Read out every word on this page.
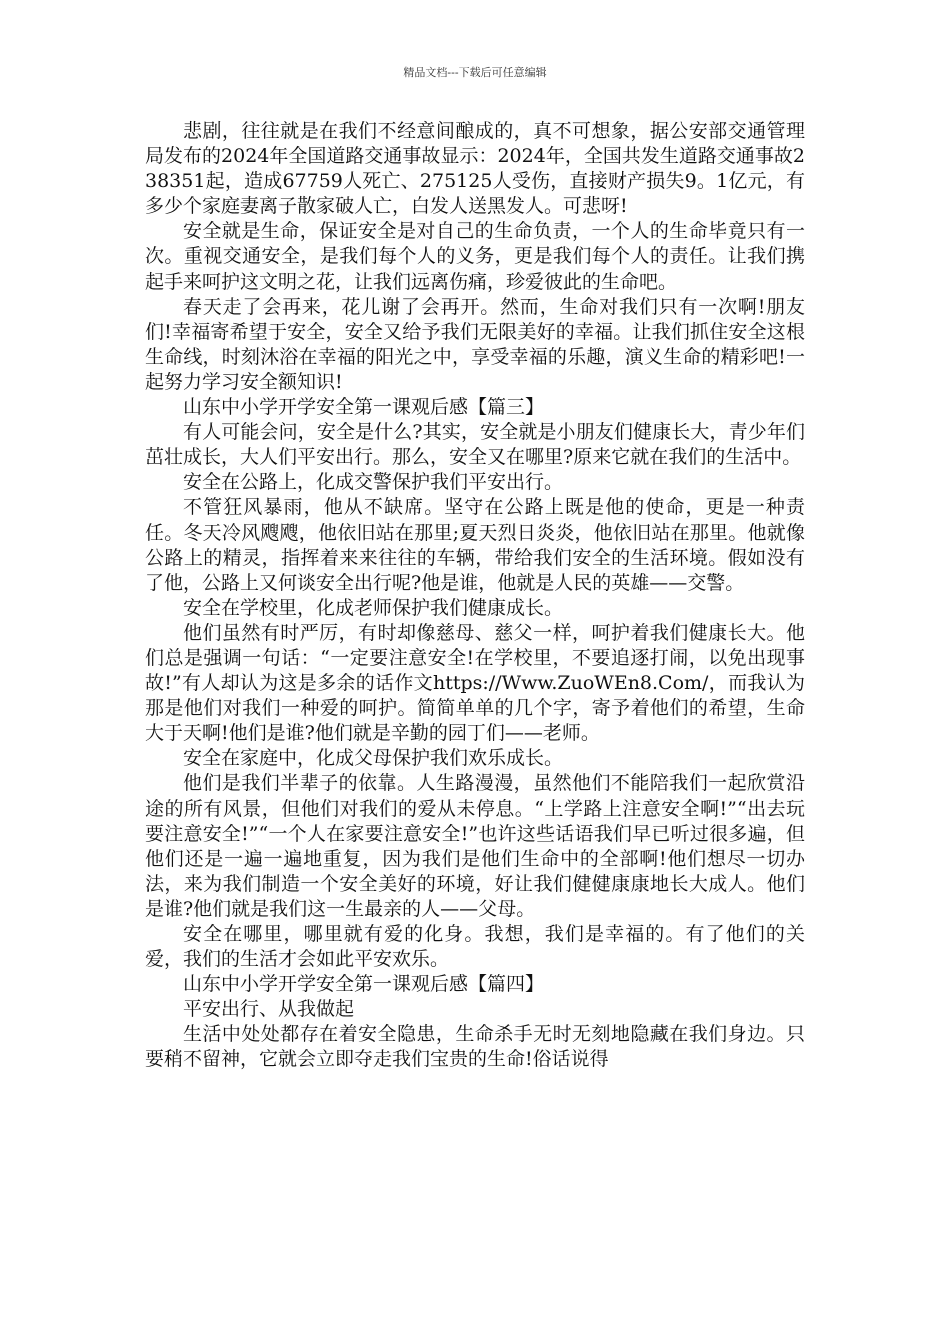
精品文档---下载后可任意编辑

悲剧，往往就是在我们不经意间酿成的，真不可想象，据公安部交通管理局发布的2024年全国道路交通事故显示：2024年，全国共发生道路交通事故238351起，造成67759人死亡、275125人受伤，直接财产损失9。1亿元，有多少个家庭妻离子散家破人亡，白发人送黑发人。可悲呀!

安全就是生命，保证安全是对自己的生命负责，一个人的生命毕竟只有一次。重视交通安全，是我们每个人的义务，更是我们每个人的责任。让我们携起手来呵护这文明之花，让我们远离伤痛，珍爱彼此的生命吧。

春天走了会再来，花儿谢了会再开。然而，生命对我们只有一次啊!朋友们!幸福寄希望于安全，安全又给予我们无限美好的幸福。让我们抓住安全这根生命线，时刻沐浴在幸福的阳光之中，享受幸福的乐趣，演义生命的精彩吧!一起努力学习安全额知识!

山东中小学开学安全第一课观后感【篇三】

有人可能会问，安全是什么?其实，安全就是小朋友们健康长大，青少年们茁壮成长，大人们平安出行。那么，安全又在哪里?原来它就在我们的生活中。

安全在公路上，化成交警保护我们平安出行。

不管狂风暴雨，他从不缺席。坚守在公路上既是他的使命，更是一种责任。冬天冷风飕飕，他依旧站在那里;夏天烈日炎炎，他依旧站在那里。他就像公路上的精灵，指挥着来来往往的车辆，带给我们安全的生活环境。假如没有了他，公路上又何谈安全出行呢?他是谁，他就是人民的英雄——交警。

安全在学校里，化成老师保护我们健康成长。

他们虽然有时严厉，有时却像慈母、慈父一样，呵护着我们健康长大。他们总是强调一句话：“一定要注意安全!在学校里，不要追逐打闹，以免出现事故!”有人却认为这是多余的话作文https://Www.ZuoWEn8.Com/，而我认为那是他们对我们一种爱的呵护。简简单单的几个字，寄予着他们的希望，生命大于天啊!他们是谁?他们就是辛勤的园丁们——老师。

安全在家庭中，化成父母保护我们欢乐成长。

他们是我们半辈子的依靠。人生路漫漫，虽然他们不能陪我们一起欣赏沿途的所有风景，但他们对我们的爱从未停息。“上学路上注意安全啊!”“出去玩要注意安全!”“一个人在家要注意安全!”也许这些话语我们早已听过很多遍，但他们还是一遍一遍地重复，因为我们是他们生命中的全部啊!他们想尽一切办法，来为我们制造一个安全美好的环境，好让我们健健康康地长大成人。他们是谁?他们就是我们这一生最亲的人——父母。

安全在哪里，哪里就有爱的化身。我想，我们是幸福的。有了他们的关爱，我们的生活才会如此平安欢乐。

山东中小学开学安全第一课观后感【篇四】

平安出行、从我做起

生活中处处都存在着安全隐患，生命杀手无时无刻地隐藏在我们身边。只要稍不留神，它就会立即夺走我们宝贵的生命!俗话说得
